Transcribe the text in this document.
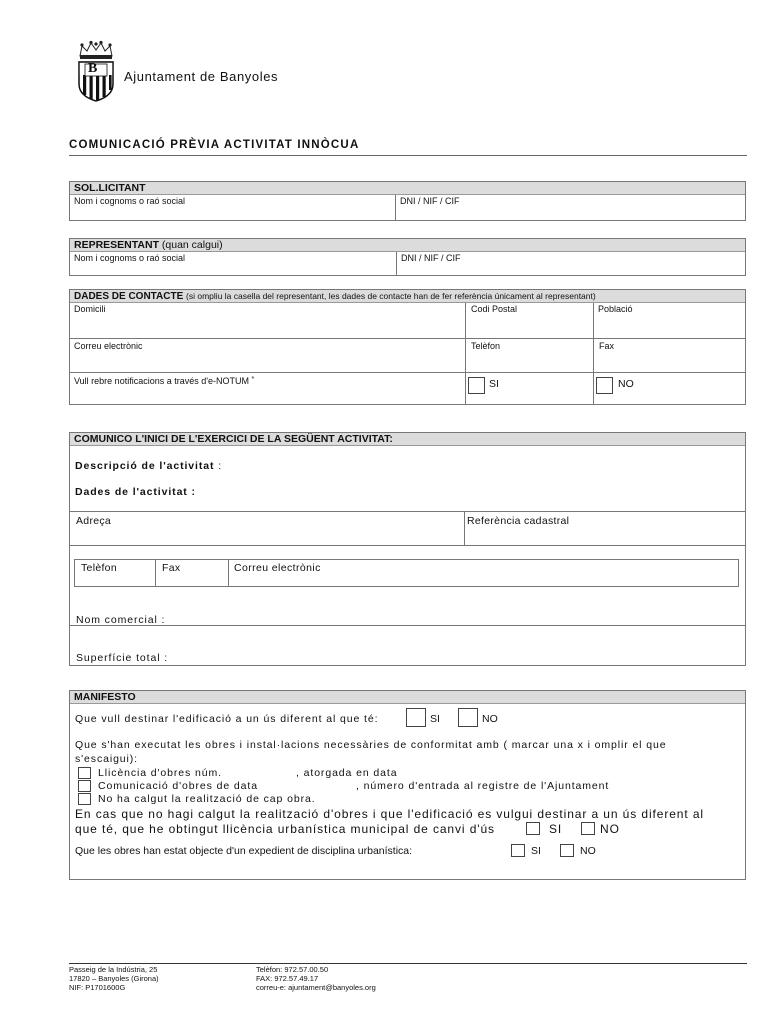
B
Ajuntament de Banyoles
COMUNICACIÓ PRÈVIA ACTIVITAT INNÒCUA
SOL.LICITANT
Nom i cognoms o raó social	DNI / NIF / CIF
REPRESENTANT (quan calgui)
Nom i cognoms o raó social	DNI / NIF / CIF
DADES DE CONTACTE (si ompliu la casella del representant, les dades de contacte han de fer referència únicament al representant)
Domicili	Codi Postal	Població
Correu electrònic	Telèfon	Fax
Vull rebre notificacions a través d'e-NOTUM *	SI	NO
COMUNICO L'INICI DE L'EXERCICI DE LA SEGÜENT ACTIVITAT:
Descripció de l'activitat :
Dades de l'activitat :
Adreça	Referència cadastral
Telèfon	Fax	Correu electrònic
Nom comercial :
Superfície total :
MANIFESTO
Que vull destinar l'edificació a un ús diferent al que té:	SI	NO
Que s'han executat les obres i instal·lacions necessàries de conformitat amb ( marcar una x i omplir el que
s'escaigui):
Llicència d'obres núm.	, atorgada en data
Comunicació d'obres de data	, número d'entrada al registre de l'Ajuntament
No ha calgut la realització de cap obra.
En cas que no hagi calgut la realització d'obres i que l'edificació es vulgui destinar a un ús diferent al
que té, que he obtingut llicència urbanística municipal de canvi d'ús	SI	NO
Que les obres han estat objecte d'un expedient de disciplina urbanística:	SI	NO
Passeig de la Indústria, 25
17820 – Banyoles (Girona)
NIF: P1701600G
Telèfon: 972.57.00.50
FAX: 972.57.49.17
correu-e: ajuntament@banyoles.org
